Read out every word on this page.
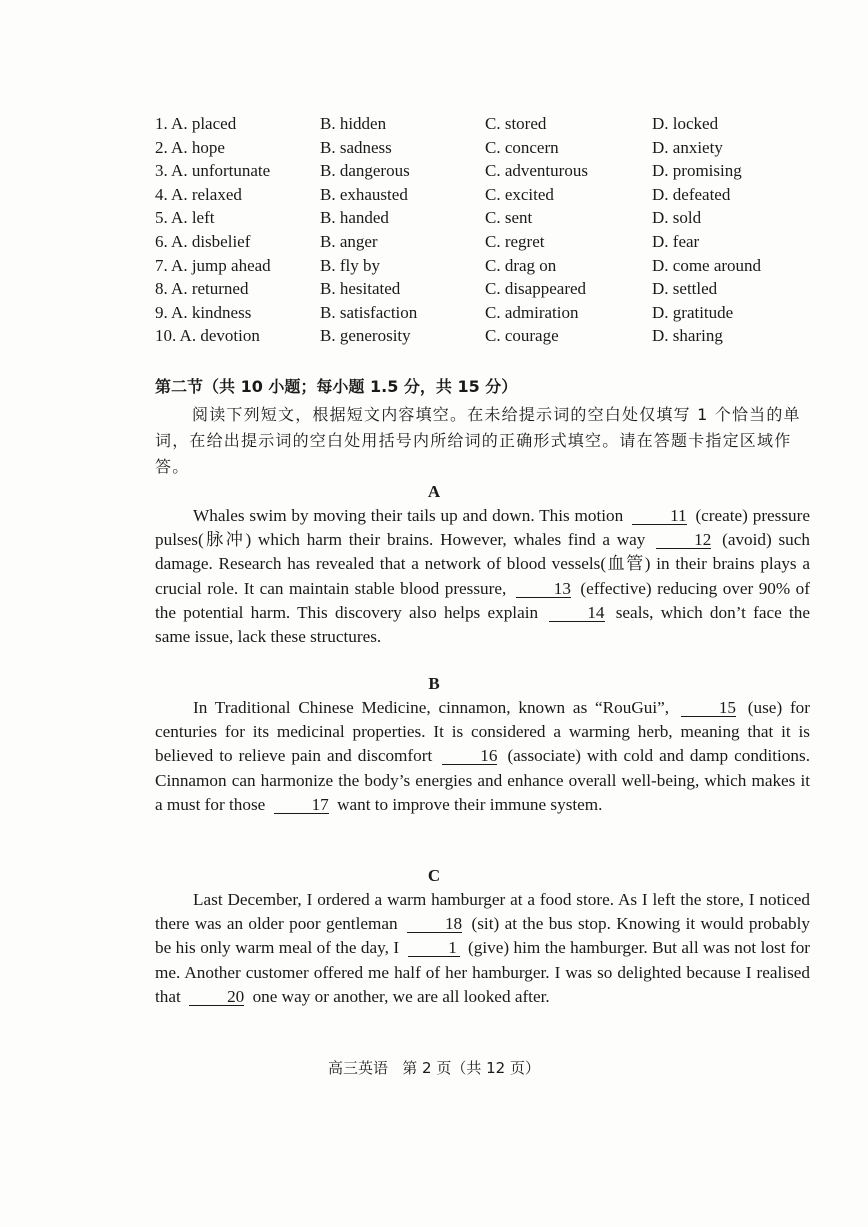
1. A. placed	B. hidden	C. stored	D. locked
2. A. hope	B. sadness	C. concern	D. anxiety
3. A. unfortunate	B. dangerous	C. adventurous	D. promising
4. A. relaxed	B. exhausted	C. excited	D. defeated
5. A. left	B. handed	C. sent	D. sold
6. A. disbelief	B. anger	C. regret	D. fear
7. A. jump ahead	B. fly by	C. drag on	D. come around
8. A. returned	B. hesitated	C. disappeared	D. settled
9. A. kindness	B. satisfaction	C. admiration	D. gratitude
10. A. devotion	B. generosity	C. courage	D. sharing
第二节（共 10 小题；每小题 1.5 分，共 15 分）
阅读下列短文，根据短文内容填空。在未给提示词的空白处仅填写 1 个恰当的单词，在给出提示词的空白处用括号内所给词的正确形式填空。请在答题卡指定区域作答。
A
Whales swim by moving their tails up and down. This motion 11 (create) pressure pulses(脉冲) which harm their brains. However, whales find a way 12 (avoid) such damage. Research has revealed that a network of blood vessels(血管) in their brains plays a crucial role. It can maintain stable blood pressure, 13 (effective) reducing over 90% of the potential harm. This discovery also helps explain 14 seals, which don’t face the same issue, lack these structures.
B
In Traditional Chinese Medicine, cinnamon, known as “RouGui”, 15 (use) for centuries for its medicinal properties. It is considered a warming herb, meaning that it is believed to relieve pain and discomfort 16 (associate) with cold and damp conditions. Cinnamon can harmonize the body’s energies and enhance overall well-being, which makes it a must for those 17 want to improve their immune system.
C
Last December, I ordered a warm hamburger at a food store. As I left the store, I noticed there was an older poor gentleman 18 (sit) at the bus stop. Knowing it would probably be his only warm meal of the day, I	1 (give) him the hamburger. But all was not lost for me. Another customer offered me half of her hamburger. I was so delighted because I realised that 20 one way or another, we are all looked after.
高三英语   第 2 页（共 12 页）
